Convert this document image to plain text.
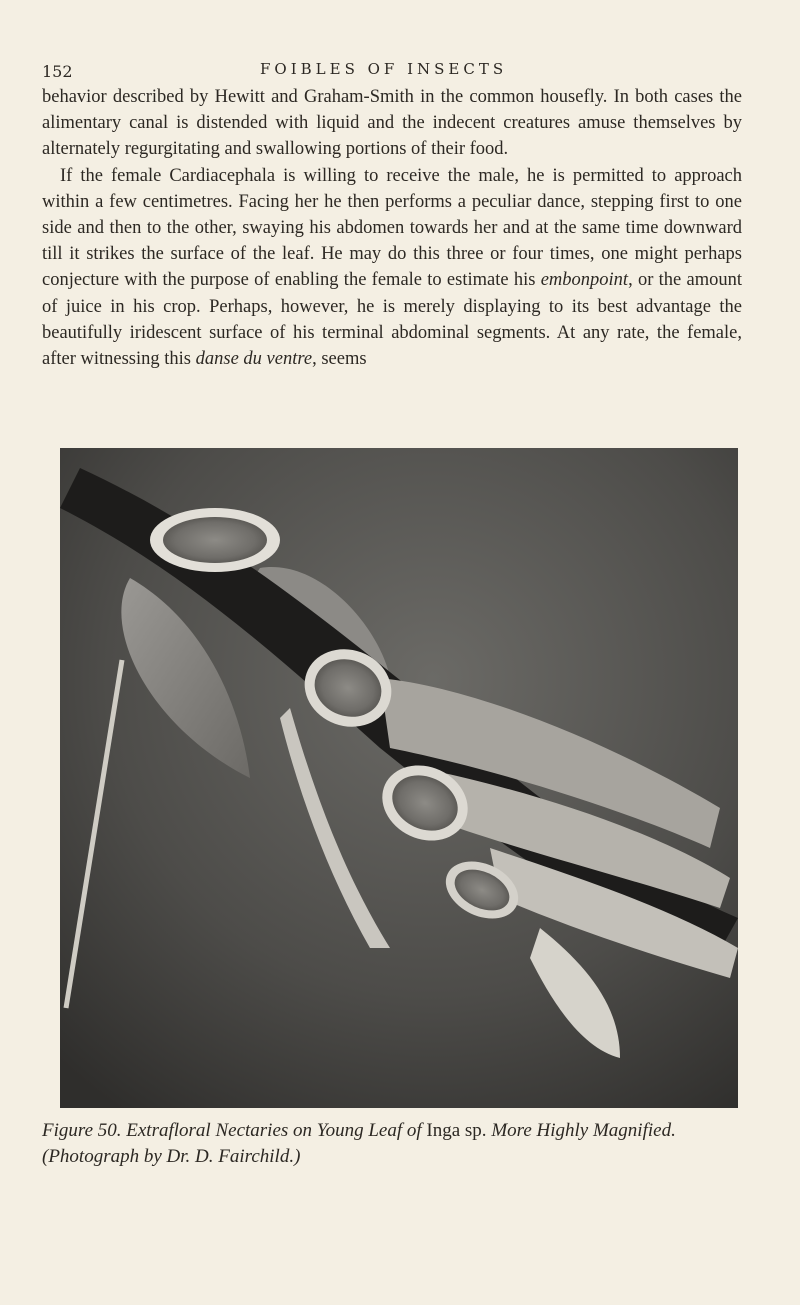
152	FOIBLES OF INSECTS

behavior described by Hewitt and Graham-Smith in the common housefly. In both cases the alimentary canal is distended with liquid and the indecent creatures amuse themselves by alternately regurgitating and swallowing portions of their food.

If the female Cardiacephala is willing to receive the male, he is permitted to approach within a few centimetres. Facing her he then performs a peculiar dance, stepping first to one side and then to the other, swaying his abdomen towards her and at the same time downward till it strikes the surface of the leaf. He may do this three or four times, one might perhaps conjecture with the purpose of enabling the female to estimate his embonpoint, or the amount of juice in his crop. Perhaps, however, he is merely displaying to its best advantage the beautifully iridescent surface of his terminal abdominal segments. At any rate, the female, after witnessing this danse du ventre, seems

Figure 50. Extrafloral Nectaries on Young Leaf of Inga sp. More Highly Magnified. (Photograph by Dr. D. Fairchild.)
